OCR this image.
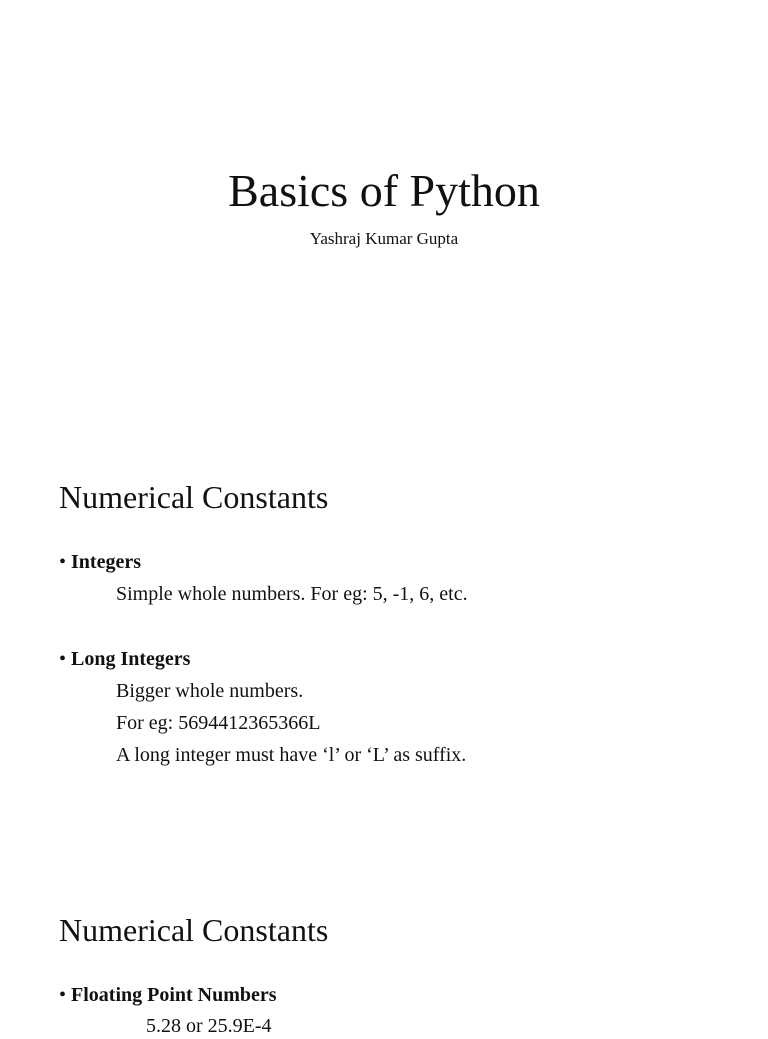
Basics of Python

Yashraj Kumar Gupta

Numerical Constants
• Integers
Simple whole numbers. For eg: 5, -1, 6, etc.
• Long Integers
Bigger whole numbers.
For eg: 5694412365366L
A long integer must have ‘l’ or ‘L’ as suffix.
Numerical Constants
• Floating Point Numbers
5.28 or 25.9E-4
